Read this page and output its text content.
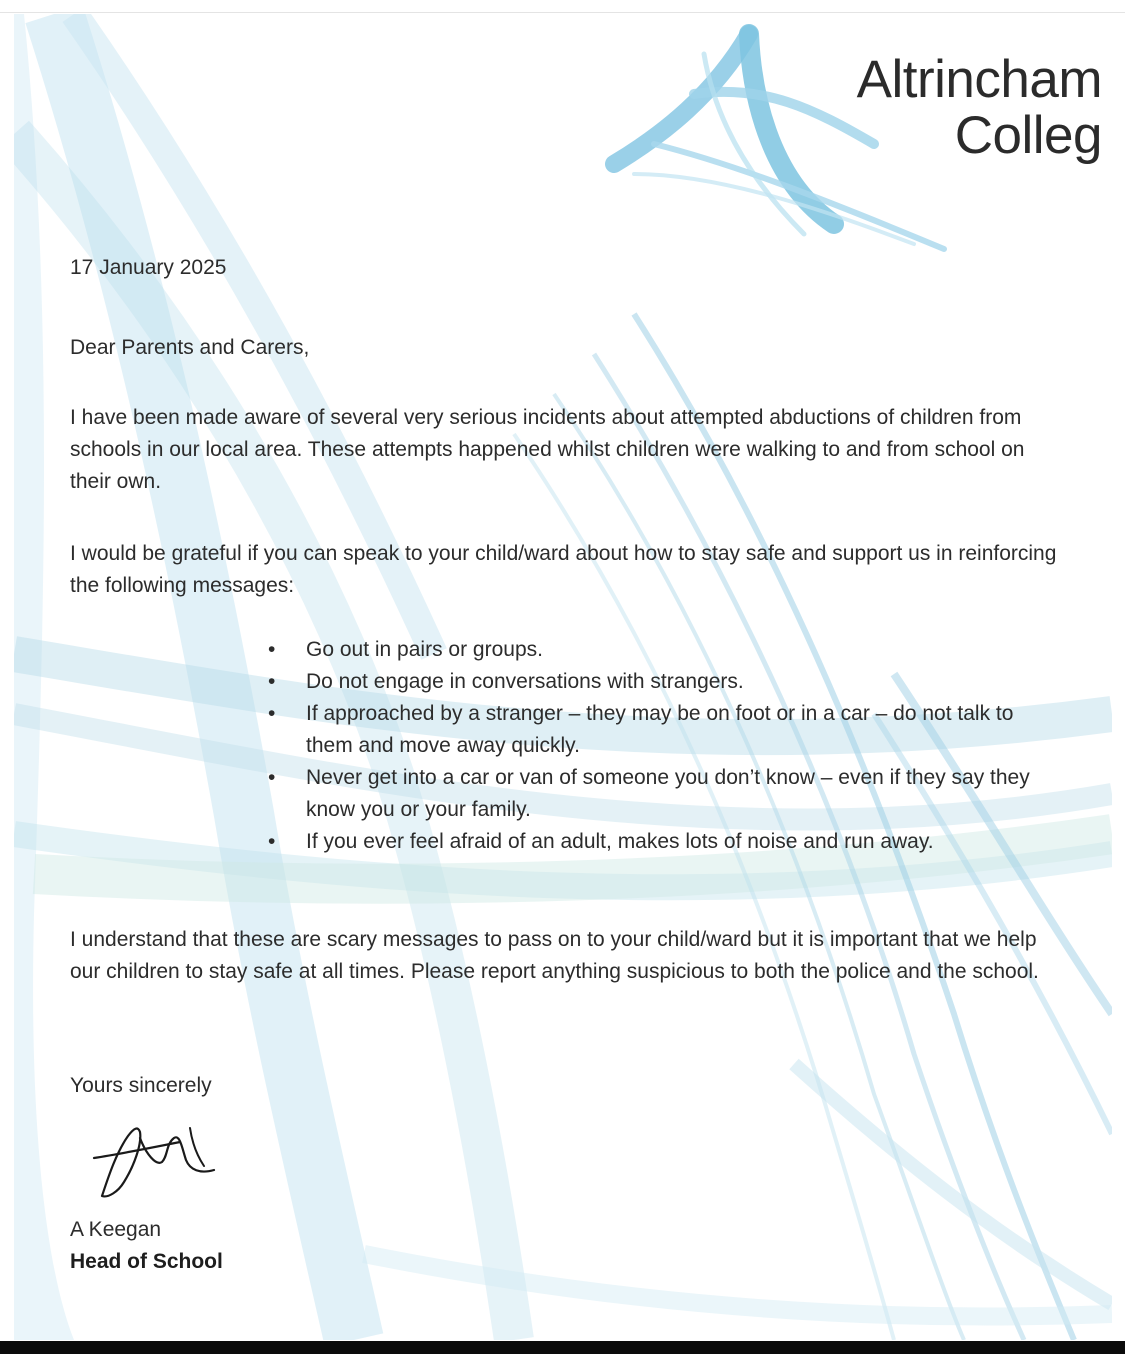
Altrincham
Colleg
17 January 2025
Dear Parents and Carers,
I have been made aware of several very serious incidents about attempted abductions of children from schools in our local area. These attempts happened whilst children were walking to and from school on their own.
I would be grateful if you can speak to your child/ward about how to stay safe and support us in reinforcing the following messages:
• Go out in pairs or groups.
• Do not engage in conversations with strangers.
• If approached by a stranger – they may be on foot or in a car – do not talk to them and move away quickly.
• Never get into a car or van of someone you don’t know – even if they say they know you or your family.
• If you ever feel afraid of an adult, makes lots of noise and run away.
I understand that these are scary messages to pass on to your child/ward but it is important that we help our children to stay safe at all times. Please report anything suspicious to both the police and the school.
Yours sincerely
A Keegan
Head of School
